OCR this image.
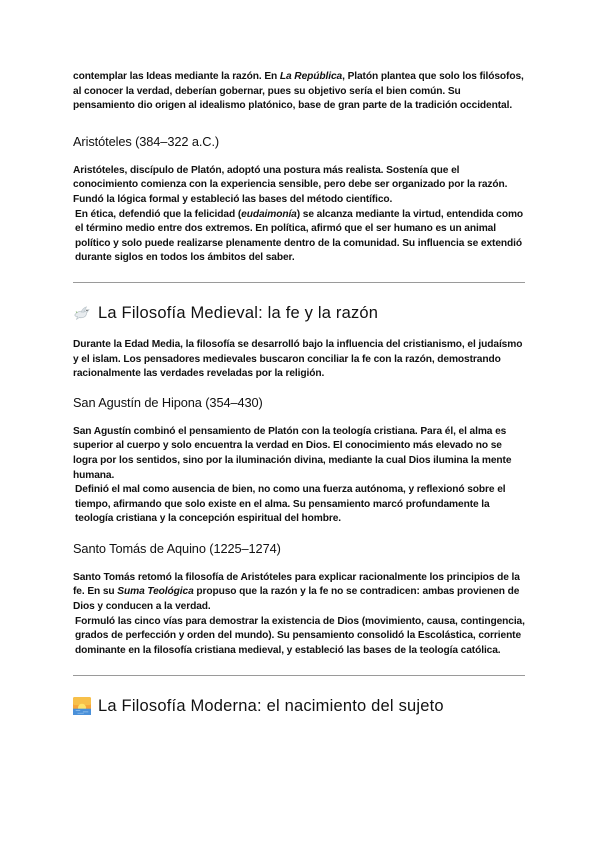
contemplar las Ideas mediante la razón. En La República, Platón plantea que solo los filósofos, al conocer la verdad, deberían gobernar, pues su objetivo sería el bien común. Su pensamiento dio origen al idealismo platónico, base de gran parte de la tradición occidental.

Aristóteles (384–322 a.C.)

Aristóteles, discípulo de Platón, adoptó una postura más realista. Sostenía que el conocimiento comienza con la experiencia sensible, pero debe ser organizado por la razón. Fundó la lógica formal y estableció las bases del método científico.

En ética, defendió que la felicidad (eudaimonía) se alcanza mediante la virtud, entendida como el término medio entre dos extremos. En política, afirmó que el ser humano es un animal político y solo puede realizarse plenamente dentro de la comunidad. Su influencia se extendió durante siglos en todos los ámbitos del saber.

La Filosofía Medieval: la fe y la razón

Durante la Edad Media, la filosofía se desarrolló bajo la influencia del cristianismo, el judaísmo y el islam. Los pensadores medievales buscaron conciliar la fe con la razón, demostrando racionalmente las verdades reveladas por la religión.

San Agustín de Hipona (354–430)

San Agustín combinó el pensamiento de Platón con la teología cristiana. Para él, el alma es superior al cuerpo y solo encuentra la verdad en Dios. El conocimiento más elevado no se logra por los sentidos, sino por la iluminación divina, mediante la cual Dios ilumina la mente humana.

Definió el mal como ausencia de bien, no como una fuerza autónoma, y reflexionó sobre el tiempo, afirmando que solo existe en el alma. Su pensamiento marcó profundamente la teología cristiana y la concepción espiritual del hombre.

Santo Tomás de Aquino (1225–1274)

Santo Tomás retomó la filosofía de Aristóteles para explicar racionalmente los principios de la fe. En su Suma Teológica propuso que la razón y la fe no se contradicen: ambas provienen de Dios y conducen a la verdad.

Formuló las cinco vías para demostrar la existencia de Dios (movimiento, causa, contingencia, grados de perfección y orden del mundo). Su pensamiento consolidó la Escolástica, corriente dominante en la filosofía cristiana medieval, y estableció las bases de la teología católica.

La Filosofía Moderna: el nacimiento del sujeto
